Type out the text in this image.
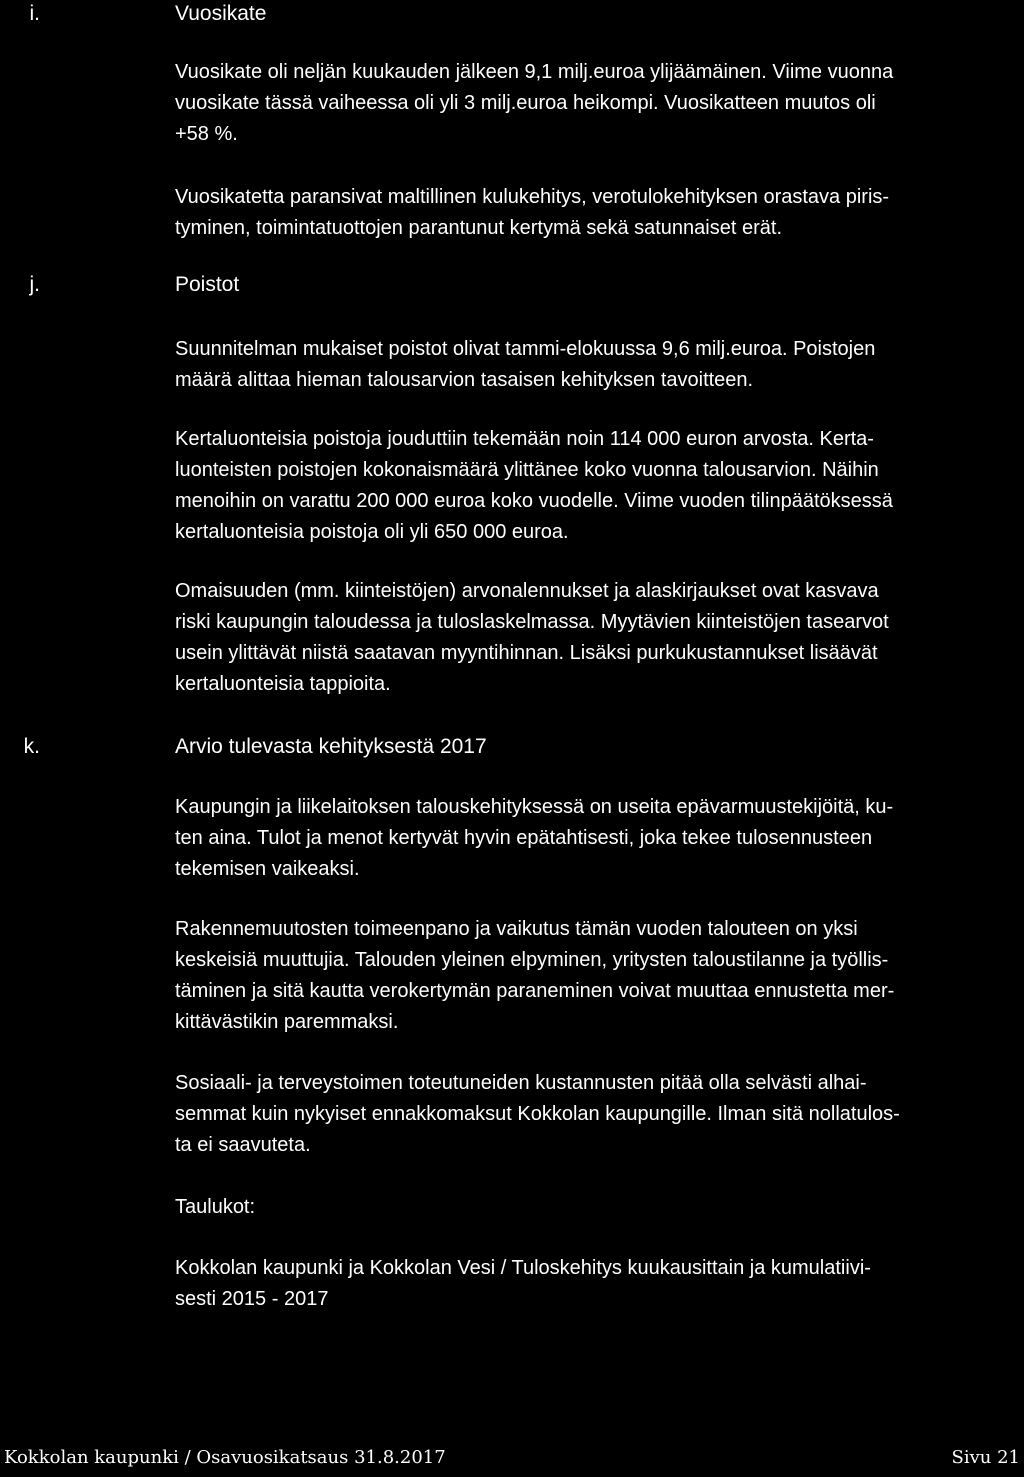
i.	Vuosikate
Vuosikate oli neljän kuukauden jälkeen 9,1 milj.euroa ylijäämäinen. Viime vuonna
vuosikate tässä vaiheessa oli yli 3 milj.euroa heikompi. Vuosikatteen muutos oli
+58 %.
Vuosikatetta paransivat maltillinen kulukehitys, verotulokehityksen orastava piris-
tyminen, toimintatuottojen parantunut kertymä sekä satunnaiset erät.
j.	Poistot
Suunnitelman mukaiset poistot olivat tammi-elokuussa 9,6 milj.euroa. Poistojen
määrä alittaa hieman talousarvion tasaisen kehityksen tavoitteen.
Kertaluonteisia poistoja jouduttiin tekemään noin 114 000 euron arvosta. Kerta-
luonteisten poistojen kokonaismäärä ylittänee koko vuonna talousarvion. Näihin
menoihin on varattu 200 000 euroa koko vuodelle. Viime vuoden tilinpäätöksessä
kertaluonteisia poistoja oli yli 650 000 euroa.
Omaisuuden (mm. kiinteistöjen) arvonalennukset ja alaskirjaukset ovat kasvava
riski kaupungin taloudessa ja tuloslaskelmassa. Myytävien kiinteistöjen tasearvot
usein ylittävät niistä saatavan myyntihinnan. Lisäksi purkukustannukset lisäävät
kertaluonteisia tappioita.
k.	Arvio tulevasta kehityksestä 2017
Kaupungin ja liikelaitoksen talouskehityksessä on useita epävarmuustekijöitä, ku-
ten aina. Tulot ja menot kertyvät hyvin epätahtisesti, joka tekee tulosennusteen
tekemisen vaikeaksi.
Rakennemuutosten toimeenpano ja vaikutus tämän vuoden talouteen on yksi
keskeisiä muuttujia. Talouden yleinen elpyminen, yritysten taloustilanne ja työllis-
täminen ja sitä kautta verokertymän paraneminen voivat muuttaa ennustetta mer-
kittävästikin paremmaksi.
Sosiaali- ja terveystoimen toteutuneiden kustannusten pitää olla selvästi alhai-
semmat kuin nykyiset ennakkomaksut Kokkolan kaupungille. Ilman sitä nollatulos-
ta ei saavuteta.
Taulukot:
Kokkolan kaupunki ja Kokkolan Vesi / Tuloskehitys kuukausittain ja kumulatiivi-
sesti 2015 - 2017
Kokkolan kaupunki / Osavuosikatsaus 31.8.2017	Sivu 21
